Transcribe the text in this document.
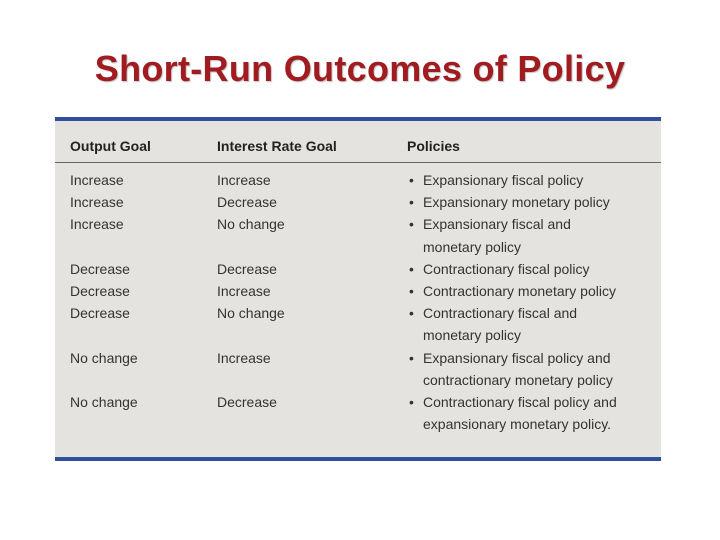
Short-Run Outcomes of Policy
Output Goal	Interest Rate Goal	Policies
Increase	Increase	• Expansionary fiscal policy
Increase	Decrease	• Expansionary monetary policy
Increase	No change	• Expansionary fiscal and
monetary policy
Decrease	Decrease	• Contractionary fiscal policy
Decrease	Increase	• Contractionary monetary policy
Decrease	No change	• Contractionary fiscal and
monetary policy
No change	Increase	• Expansionary fiscal policy and
contractionary monetary policy
No change	Decrease	• Contractionary fiscal policy and
expansionary monetary policy.
